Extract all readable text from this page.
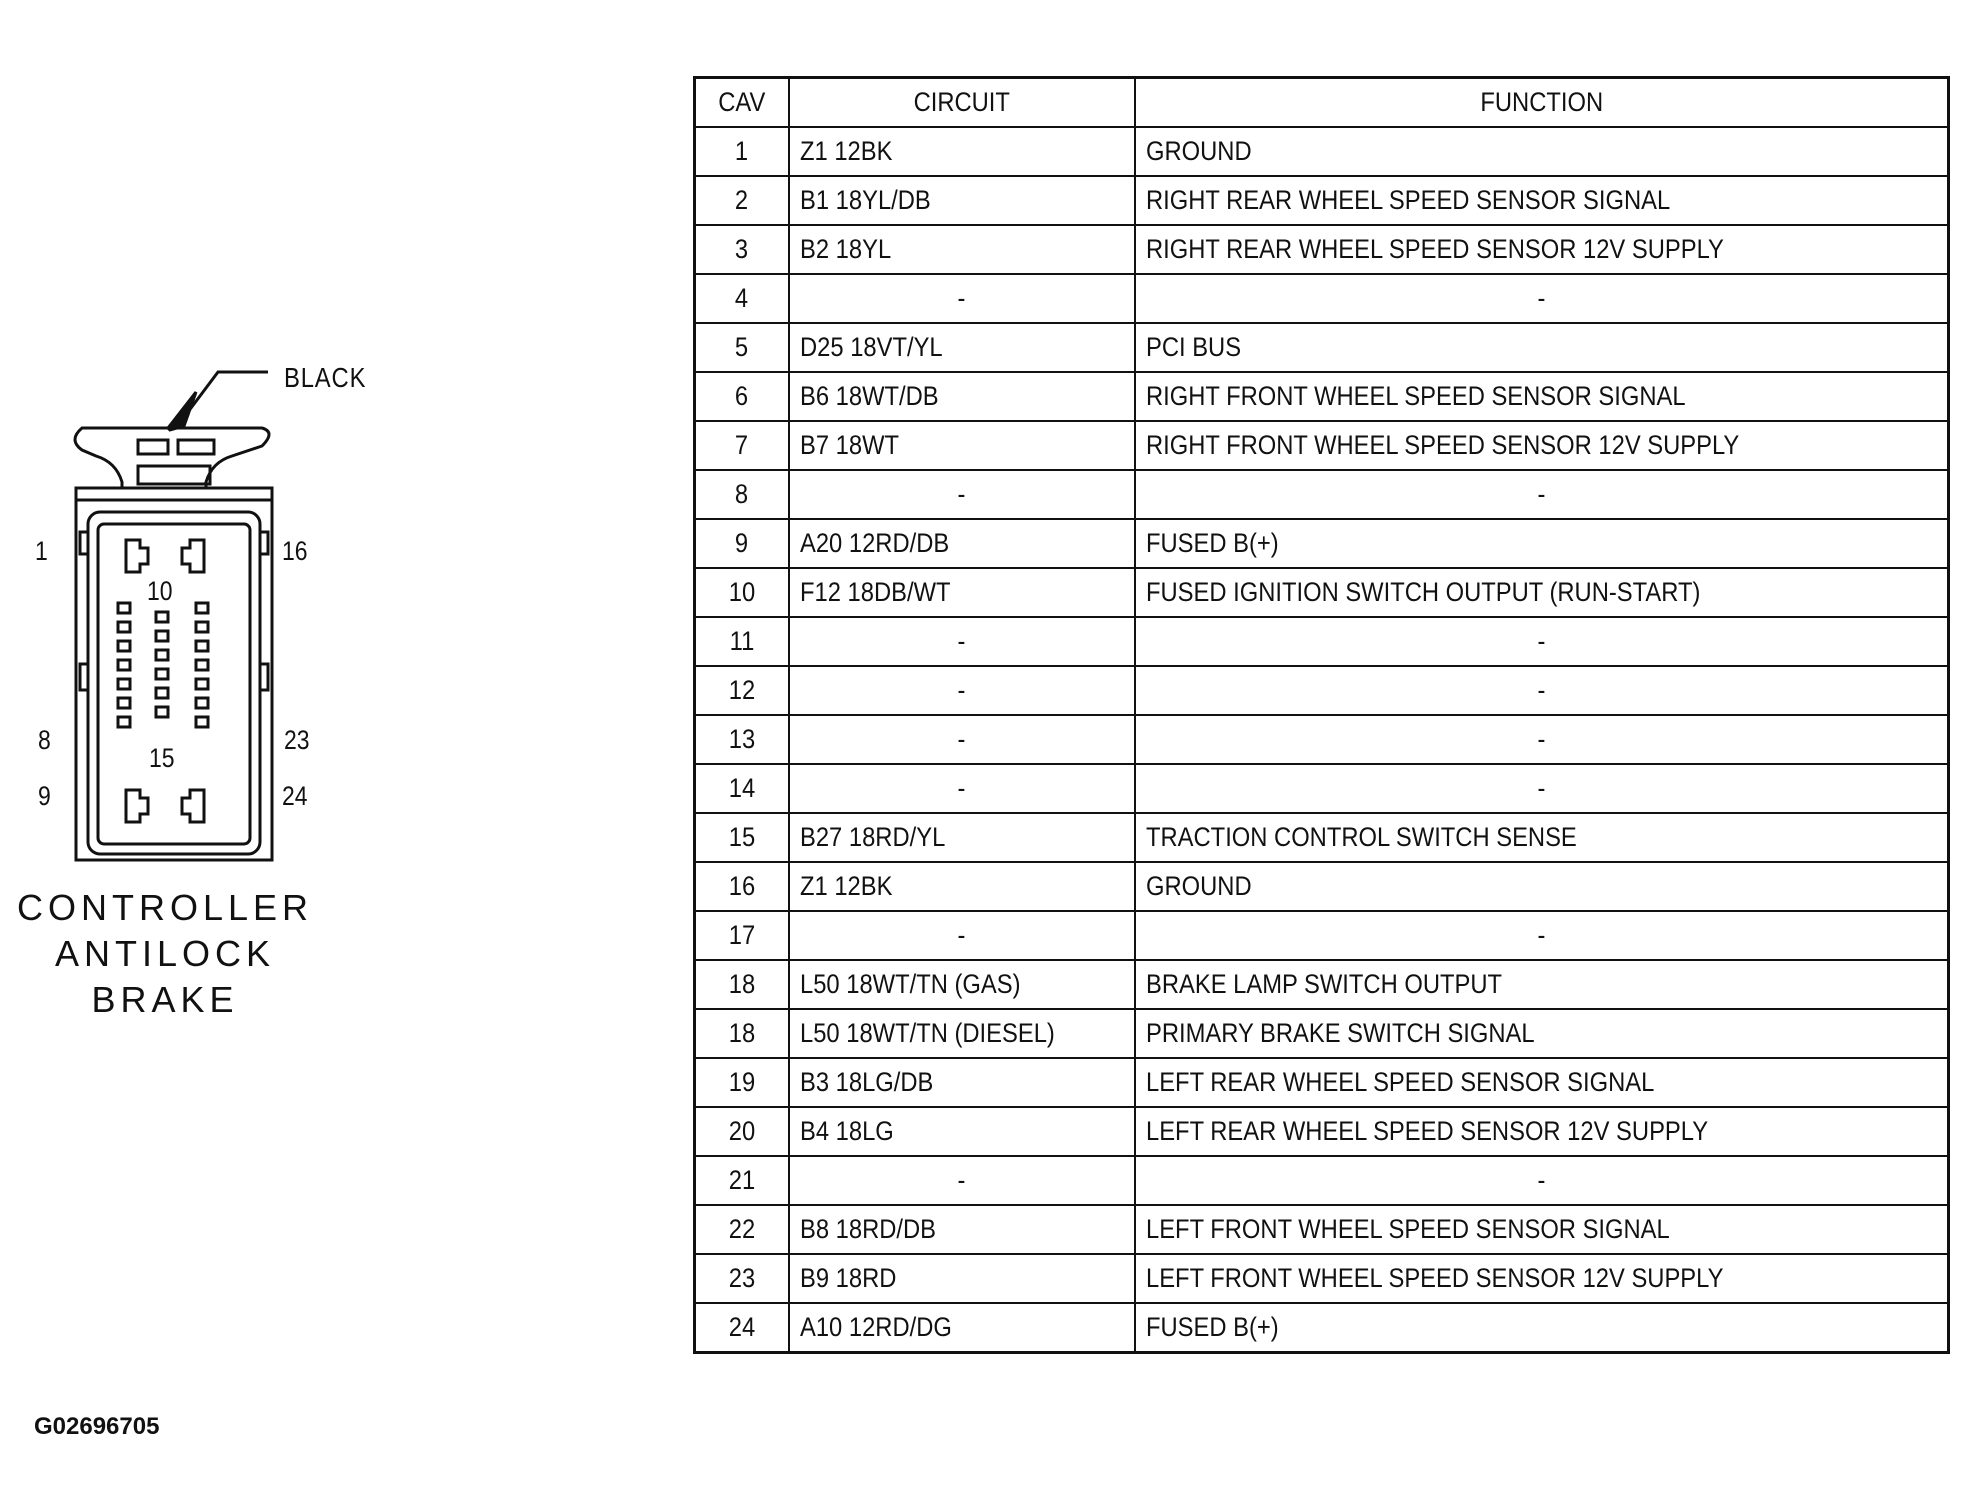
BLACK
1	16
10
8	23
15
9	24
CONTROLLER
ANTILOCK
BRAKE
G02696705
CAV	CIRCUIT	FUNCTION
1	Z1 12BK	GROUND
2	B1 18YL/DB	RIGHT REAR WHEEL SPEED SENSOR SIGNAL
3	B2 18YL	RIGHT REAR WHEEL SPEED SENSOR 12V SUPPLY
4	-	-
5	D25 18VT/YL	PCI BUS
6	B6 18WT/DB	RIGHT FRONT WHEEL SPEED SENSOR SIGNAL
7	B7 18WT	RIGHT FRONT WHEEL SPEED SENSOR 12V SUPPLY
8	-	-
9	A20 12RD/DB	FUSED B(+)
10	F12 18DB/WT	FUSED IGNITION SWITCH OUTPUT (RUN-START)
11	-	-
12	-	-
13	-	-
14	-	-
15	B27 18RD/YL	TRACTION CONTROL SWITCH SENSE
16	Z1 12BK	GROUND
17	-	-
18	L50 18WT/TN (GAS)	BRAKE LAMP SWITCH OUTPUT
18	L50 18WT/TN (DIESEL)	PRIMARY BRAKE SWITCH SIGNAL
19	B3 18LG/DB	LEFT REAR WHEEL SPEED SENSOR SIGNAL
20	B4 18LG	LEFT REAR WHEEL SPEED SENSOR 12V SUPPLY
21	-	-
22	B8 18RD/DB	LEFT FRONT WHEEL SPEED SENSOR SIGNAL
23	B9 18RD	LEFT FRONT WHEEL SPEED SENSOR 12V SUPPLY
24	A10 12RD/DG	FUSED B(+)
